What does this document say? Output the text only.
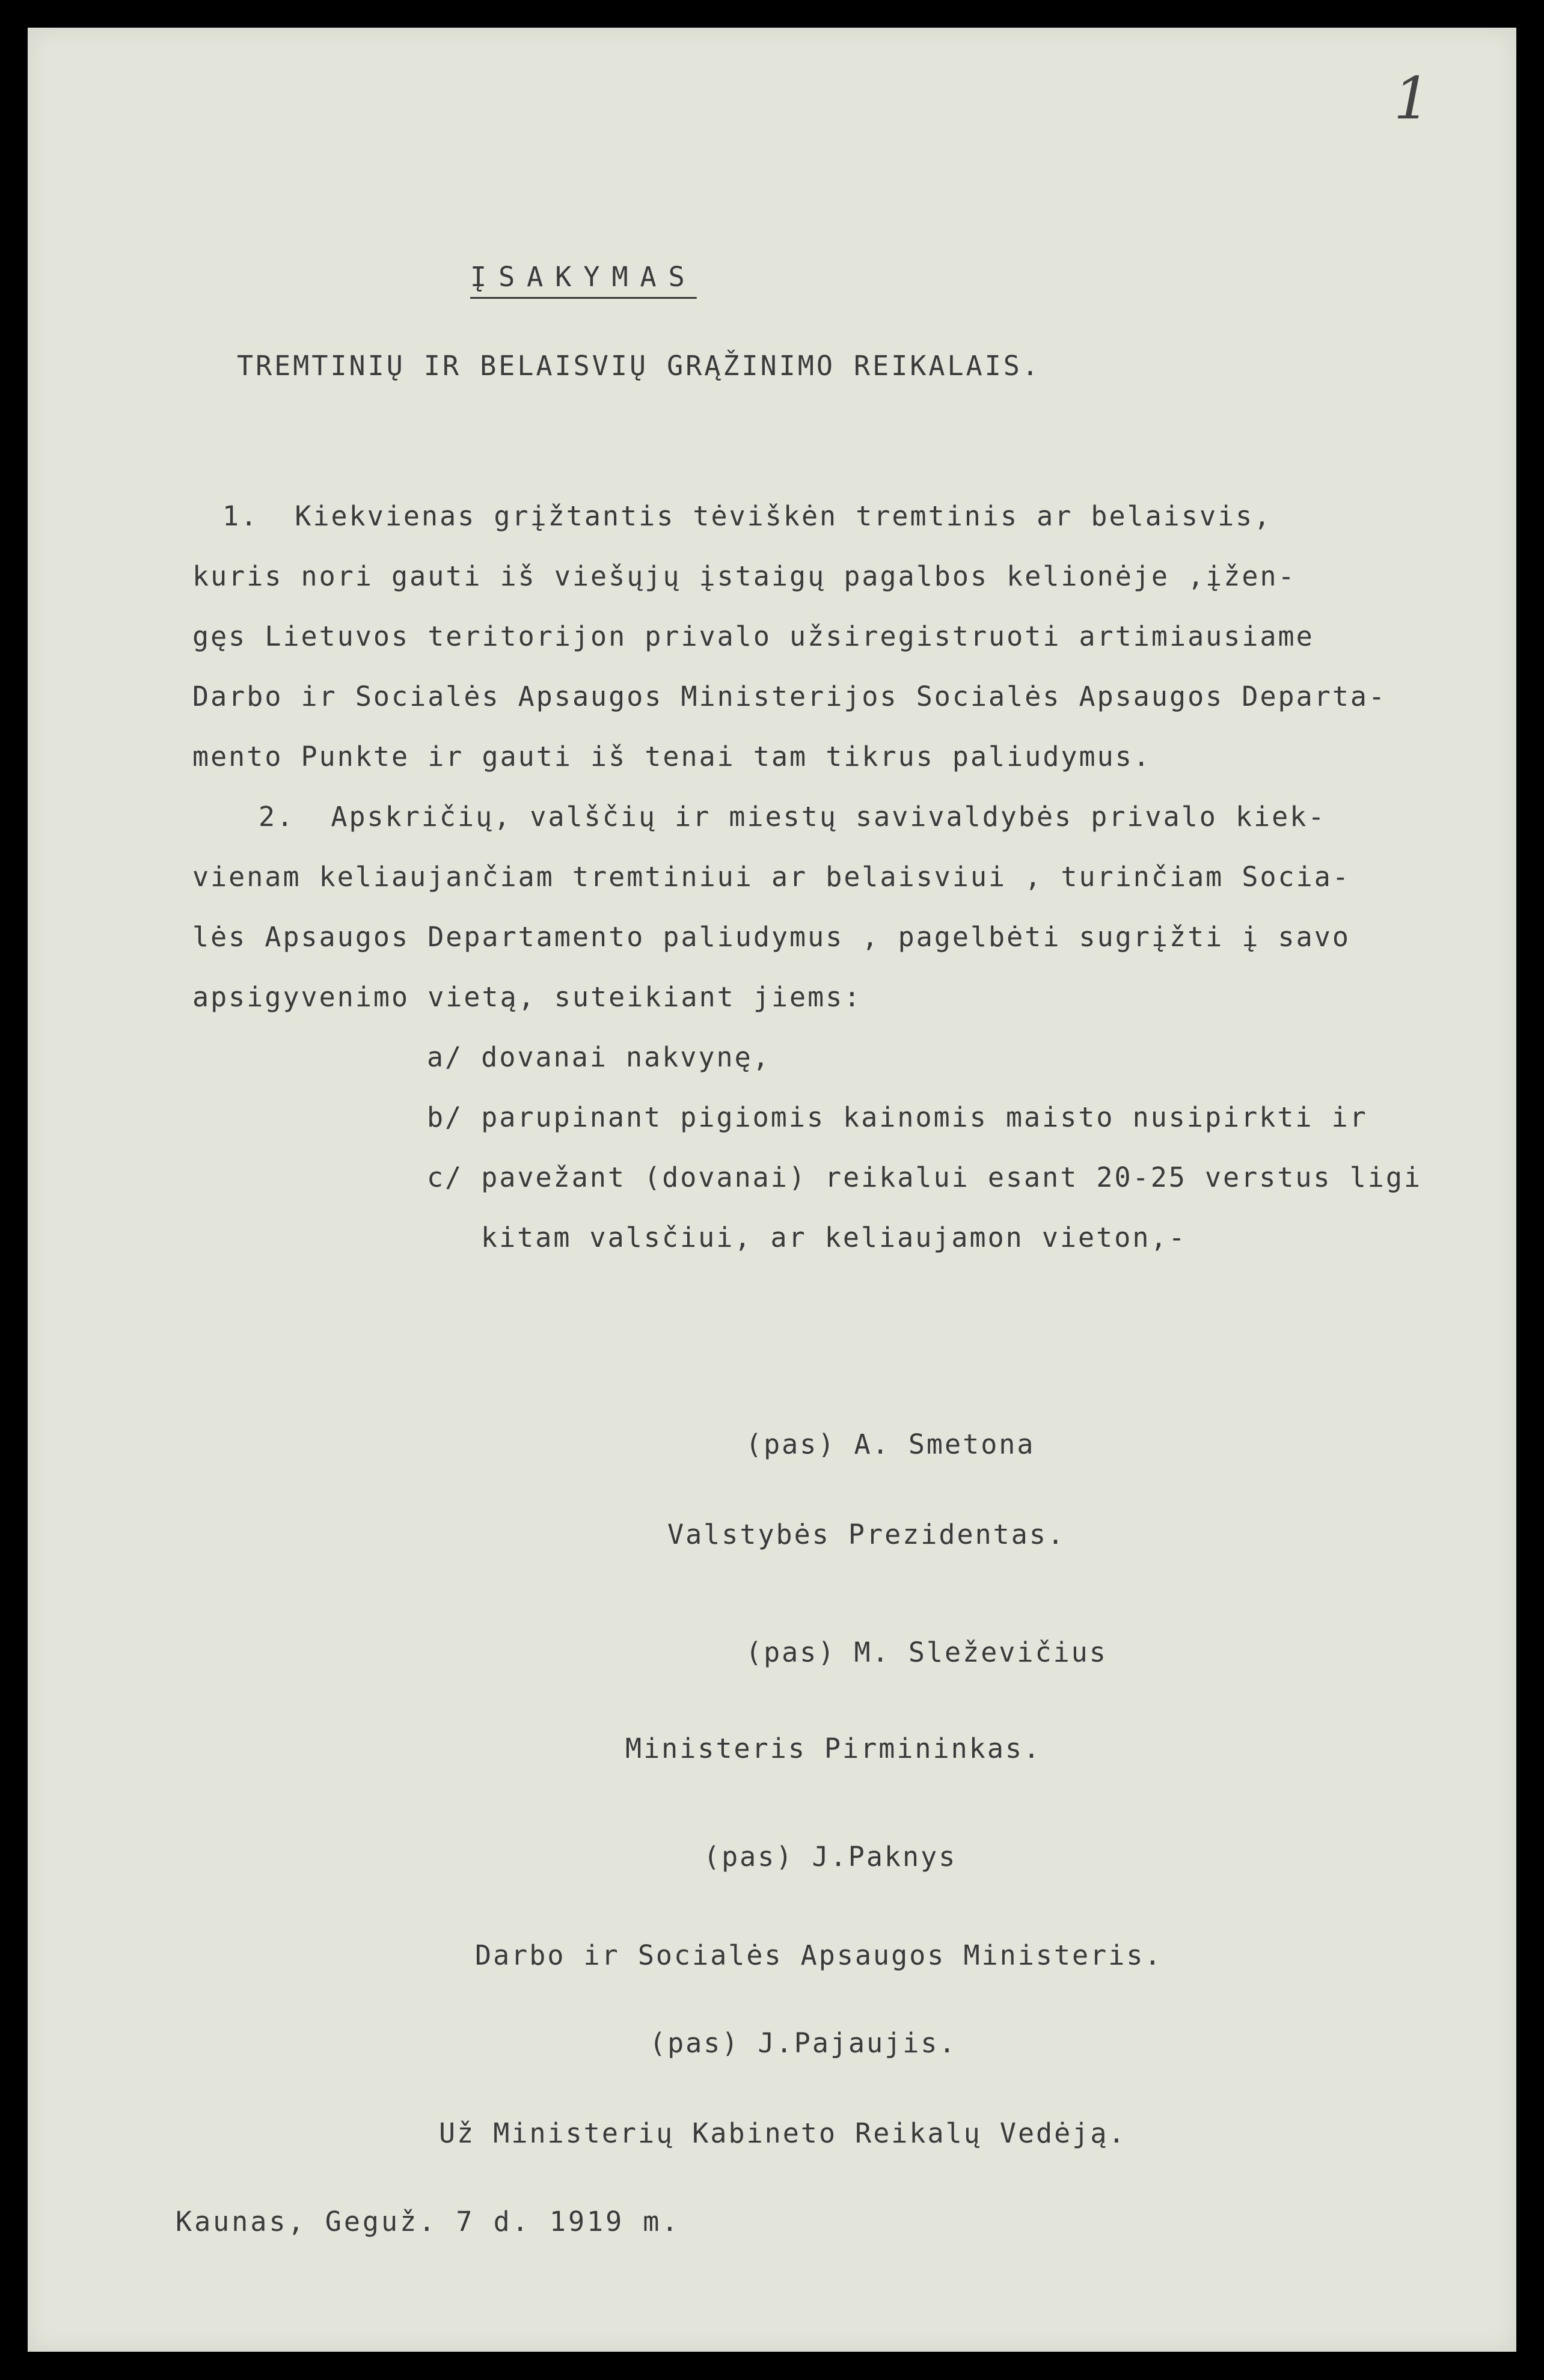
1
ĮSAKYMAS
TREMTINIŲ IR BELAISVIŲ GRĄŽINIMO REIKALAIS.
1.  Kiekvienas grįžtantis tėviškėn tremtinis ar belaisvis,
kuris nori gauti iš viešųjų įstaigų pagalbos kelionėje ,įžen-
gęs Lietuvos teritorijon privalo užsiregistruoti artimiausiame
Darbo ir Socialės Apsaugos Ministerijos Socialės Apsaugos Departa-
mento Punkte ir gauti iš tenai tam tikrus paliudymus.
2.  Apskričių, valščių ir miestų savivaldybės privalo kiek-
vienam keliaujančiam tremtiniui ar belaisviui , turinčiam Socia-
lės Apsaugos Departamento paliudymus , pagelbėti sugrįžti į savo
apsigyvenimo vietą, suteikiant jiems:
a/ dovanai nakvynę,
b/ parupinant pigiomis kainomis maisto nusipirkti ir
c/ pavežant (dovanai) reikalui esant 20-25 verstus ligi
kitam valsčiui, ar keliaujamon vieton,-
(pas) A. Smetona
Valstybės Prezidentas.
(pas) M. Sleževičius
Ministeris Pirmininkas.
(pas) J.Paknys
Darbo ir Socialės Apsaugos Ministeris.
(pas) J.Pajaujis.
Už Ministerių Kabineto Reikalų Vedėją.
Kaunas, Geguž. 7 d. 1919 m.
